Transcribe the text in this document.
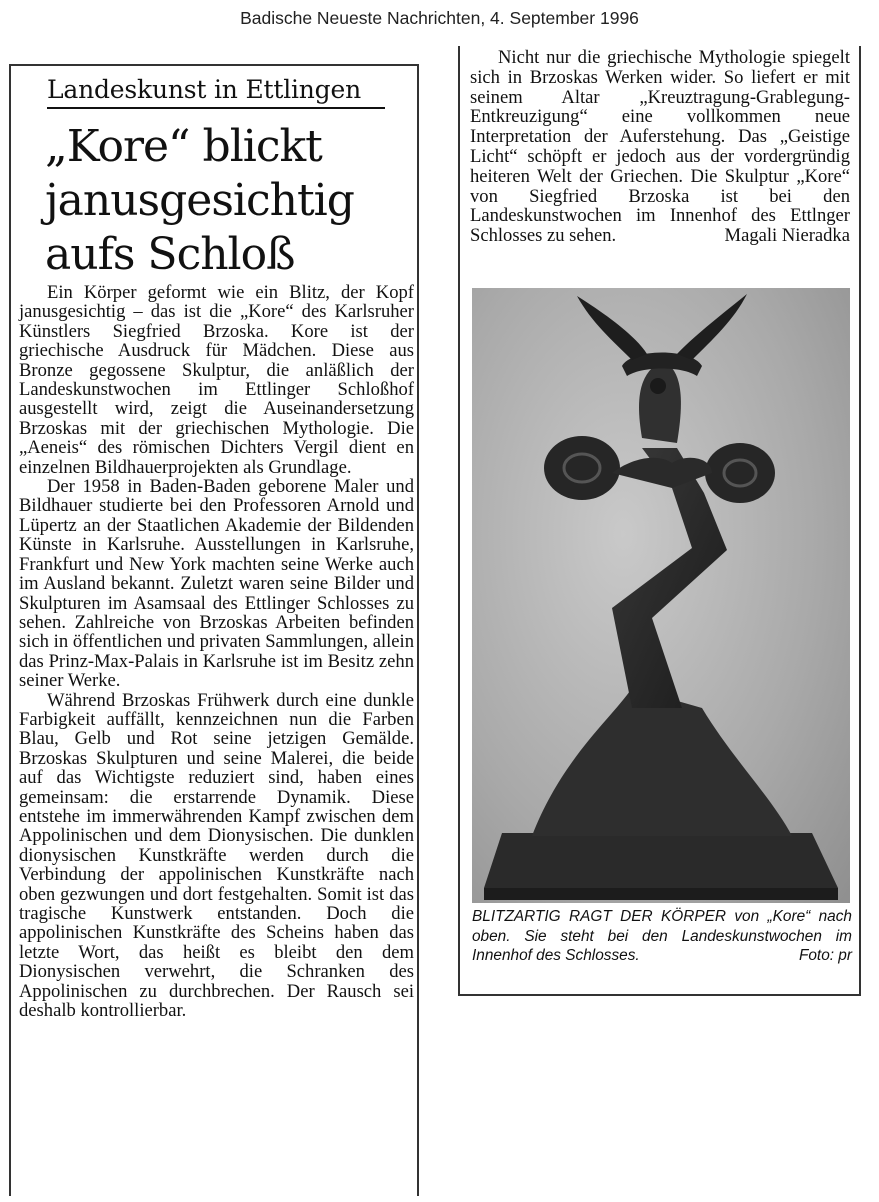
Badische Neueste Nachrichten, 4. September 1996
Landeskunst in Ettlingen
„Kore“ blickt
janusgesichtig
aufs Schloß

Ein Körper geformt wie ein Blitz, der Kopf janusgesichtig – das ist die „Kore“ des Karlsruher Künstlers Siegfried Brzoska. Kore ist der griechische Ausdruck für Mädchen. Diese aus Bronze gegossene Skulptur, die anläßlich der Landeskunstwochen im Ettlinger Schloßhof ausgestellt wird, zeigt die Auseinandersetzung Brzoskas mit der griechischen Mythologie. Die „Aeneis“ des römischen Dichters Vergil dient en einzelnen Bildhauerprojekten als Grundlage.

Der 1958 in Baden-Baden geborene Maler und Bildhauer studierte bei den Professoren Arnold und Lüpertz an der Staatlichen Akademie der Bildenden Künste in Karlsruhe. Ausstellungen in Karlsruhe, Frankfurt und New York machten seine Werke auch im Ausland bekannt. Zuletzt waren seine Bilder und Skulpturen im Asamsaal des Ettlinger Schlosses zu sehen. Zahlreiche von Brzoskas Arbeiten befinden sich in öffentlichen und privaten Sammlungen, allein das Prinz-Max-Palais in Karlsruhe ist im Besitz zehn seiner Werke.

Während Brzoskas Frühwerk durch eine dunkle Farbigkeit auffällt, kennzeichnen nun die Farben Blau, Gelb und Rot seine jetzigen Gemälde. Brzoskas Skulpturen und seine Malerei, die beide auf das Wichtigste reduziert sind, haben eines gemeinsam: die erstarrende Dynamik. Diese entstehe im immerwährenden Kampf zwischen dem Appolinischen und dem Dionysischen. Die dunklen dionysischen Kunstkräfte werden durch die Verbindung der appolinischen Kunstkräfte nach oben gezwungen und dort festgehalten. Somit ist das tragische Kunstwerk entstanden. Doch die appolinischen Kunstkräfte des Scheins haben das letzte Wort, das heißt es bleibt den dem Dionysischen verwehrt, die Schranken des Appolinischen zu durchbrechen. Der Rausch sei deshalb kontrollierbar.

Nicht nur die griechische Mythologie spiegelt sich in Brzoskas Werken wider. So liefert er mit seinem Altar „Kreuztragung-Grablegung-Entkreuzigung“ eine vollkommen neue Interpretation der Auferstehung. Das „Geistige Licht“ schöpft er jedoch aus der vordergründig heiteren Welt der Griechen. Die Skulptur „Kore“ von Siegfried Brzoska ist bei den Landeskunstwochen im Innenhof des Ettlnger Schlosses zu sehen.	Magali Nieradka

BLITZARTIG RAGT DER KÖRPER von „Kore“ nach oben. Sie steht bei den Landeskunstwochen im Innenhof des Schlosses.	Foto: pr
